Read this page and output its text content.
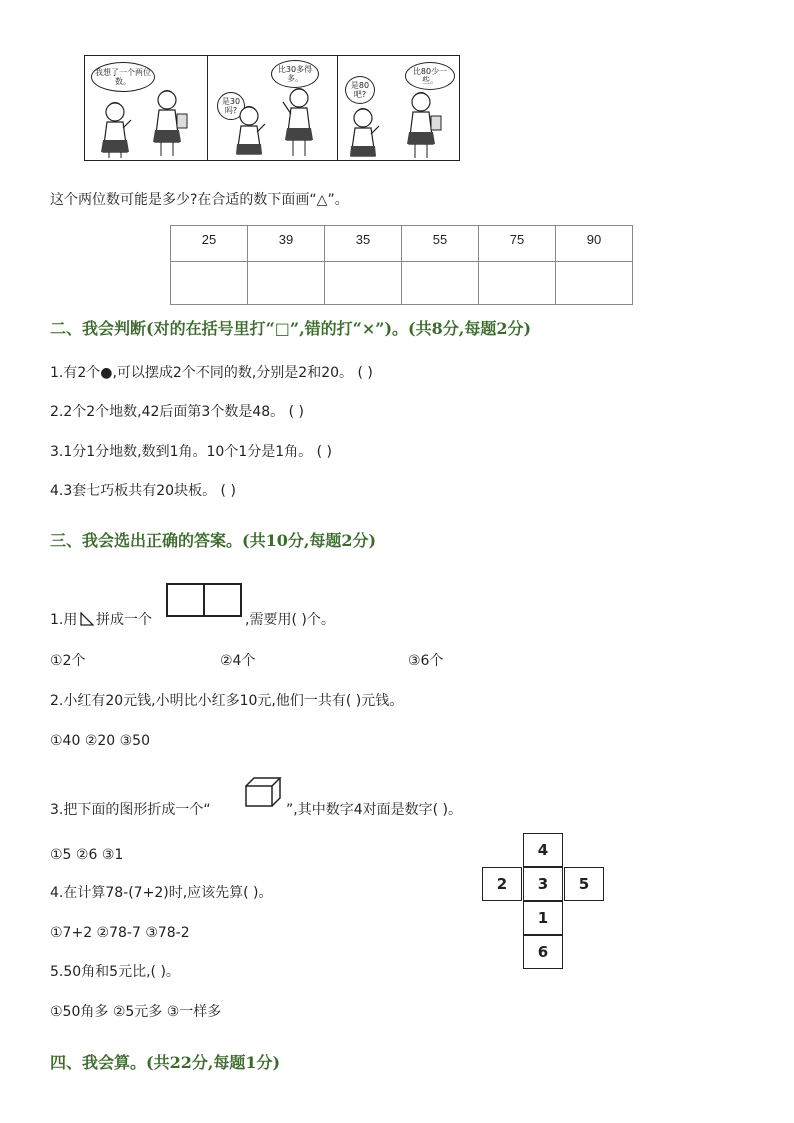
我想了一个两位数。
是30吗?
比30多得多。
是80吧?
比80少一些。
这个两位数可能是多少?在合适的数下面画“△”。
25	39	35	55	75	90

二、我会判断(对的在括号里打“□”,错的打“×”)。(共8分,每题2分)
1.有2个●,可以摆成2个不同的数,分别是2和20。 ( )
2.2个2个地数,42后面第3个数是48。 ( )
3.1分1分地数,数到1角。10个1分是1角。 ( )
4.3套七巧板共有20块板。 ( )
三、我会选出正确的答案。(共10分,每题2分)
1.用 拼成一个	,需要用( )个。
①2个	②4个	③6个
2.小红有20元钱,小明比小红多10元,他们一共有( )元钱。
①40 ②20 ③50
3.把下面的图形折成一个“	”,其中数字4对面是数字( )。
①5 ②6 ③1	4
2	3	5
1
6
4.在计算78-(7+2)时,应该先算( )。
①7+2 ②78-7 ③78-2
5.50角和5元比,( )。
①50角多 ②5元多 ③一样多
四、我会算。(共22分,每题1分)
